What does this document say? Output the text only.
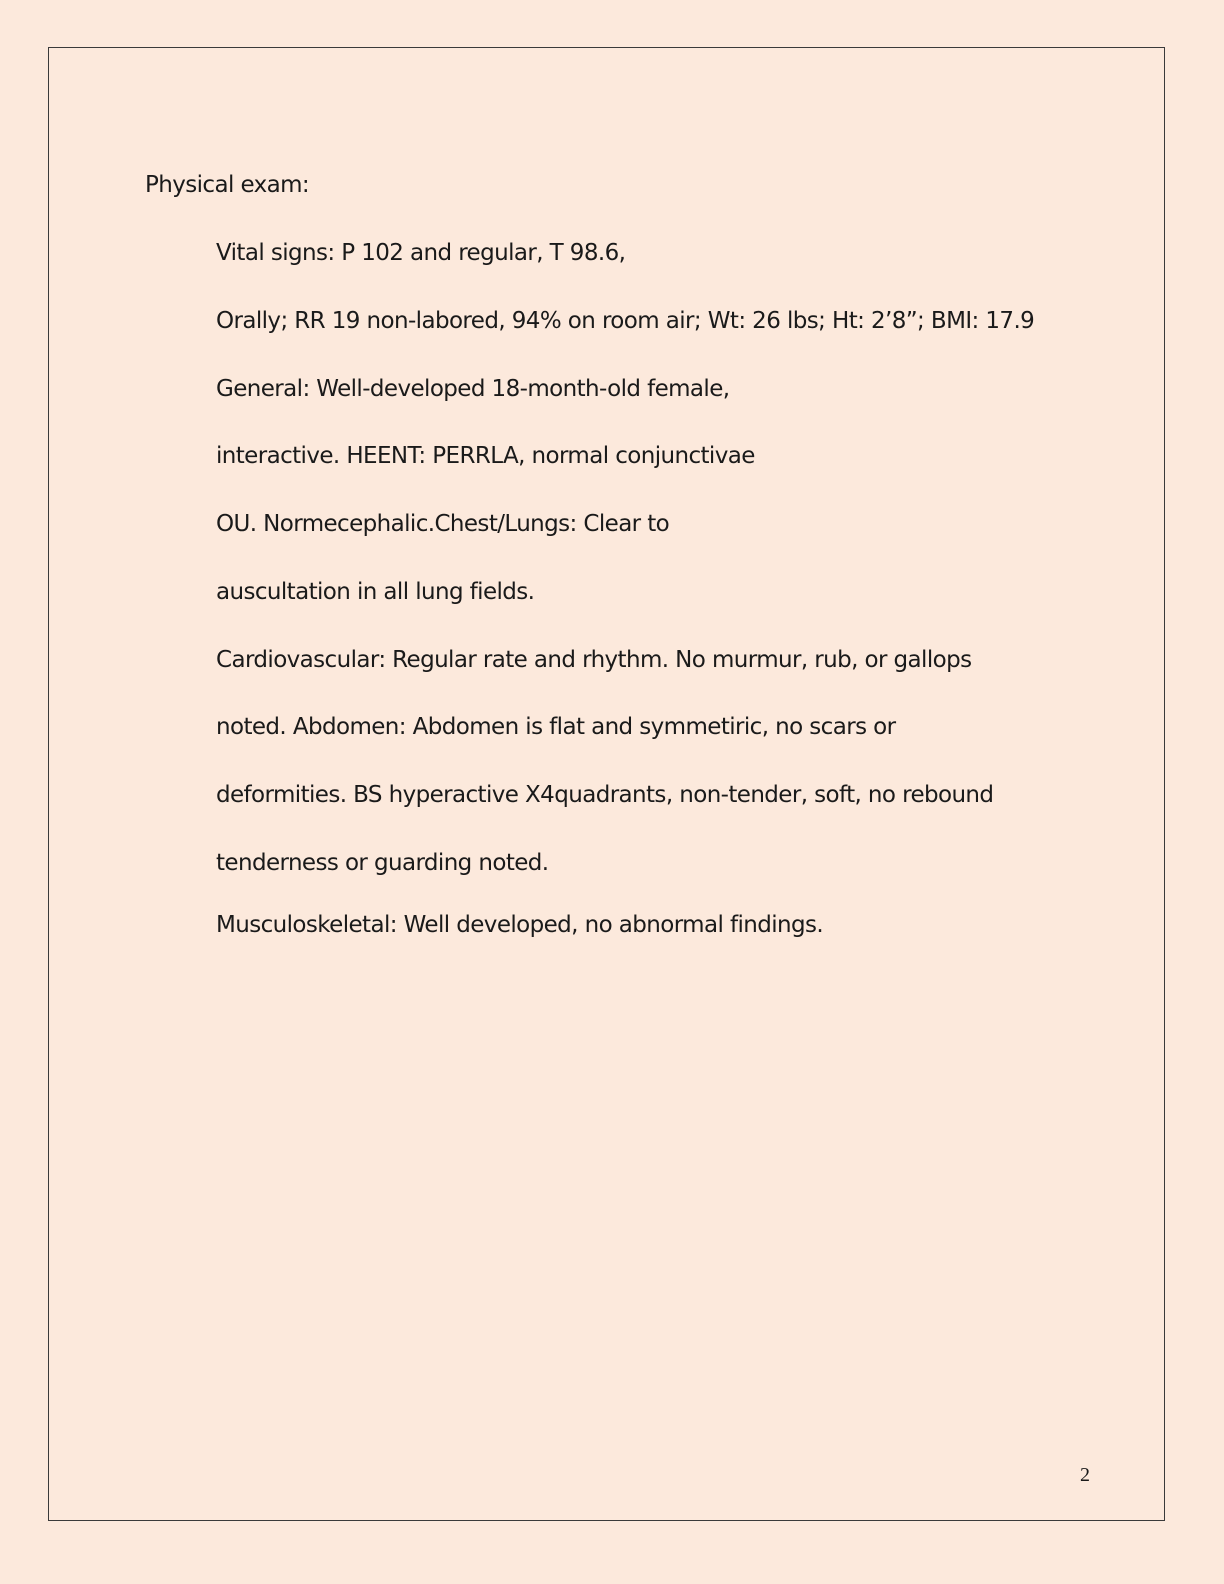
Physical exam:
Vital signs: P 102 and regular, T 98.6,
Orally; RR 19 non-labored, 94% on room air; Wt: 26 lbs; Ht: 2’8”; BMI: 17.9
General: Well-developed 18-month-old female,
interactive. HEENT: PERRLA, normal conjunctivae
OU. Normecephalic.Chest/Lungs: Clear to
auscultation in all lung fields.
Cardiovascular: Regular rate and rhythm. No murmur, rub, or gallops
noted. Abdomen: Abdomen is flat and symmetiric, no scars or
deformities. BS hyperactive X4quadrants, non-tender, soft, no rebound
tenderness or guarding noted.
Musculoskeletal: Well developed, no abnormal findings.
2
